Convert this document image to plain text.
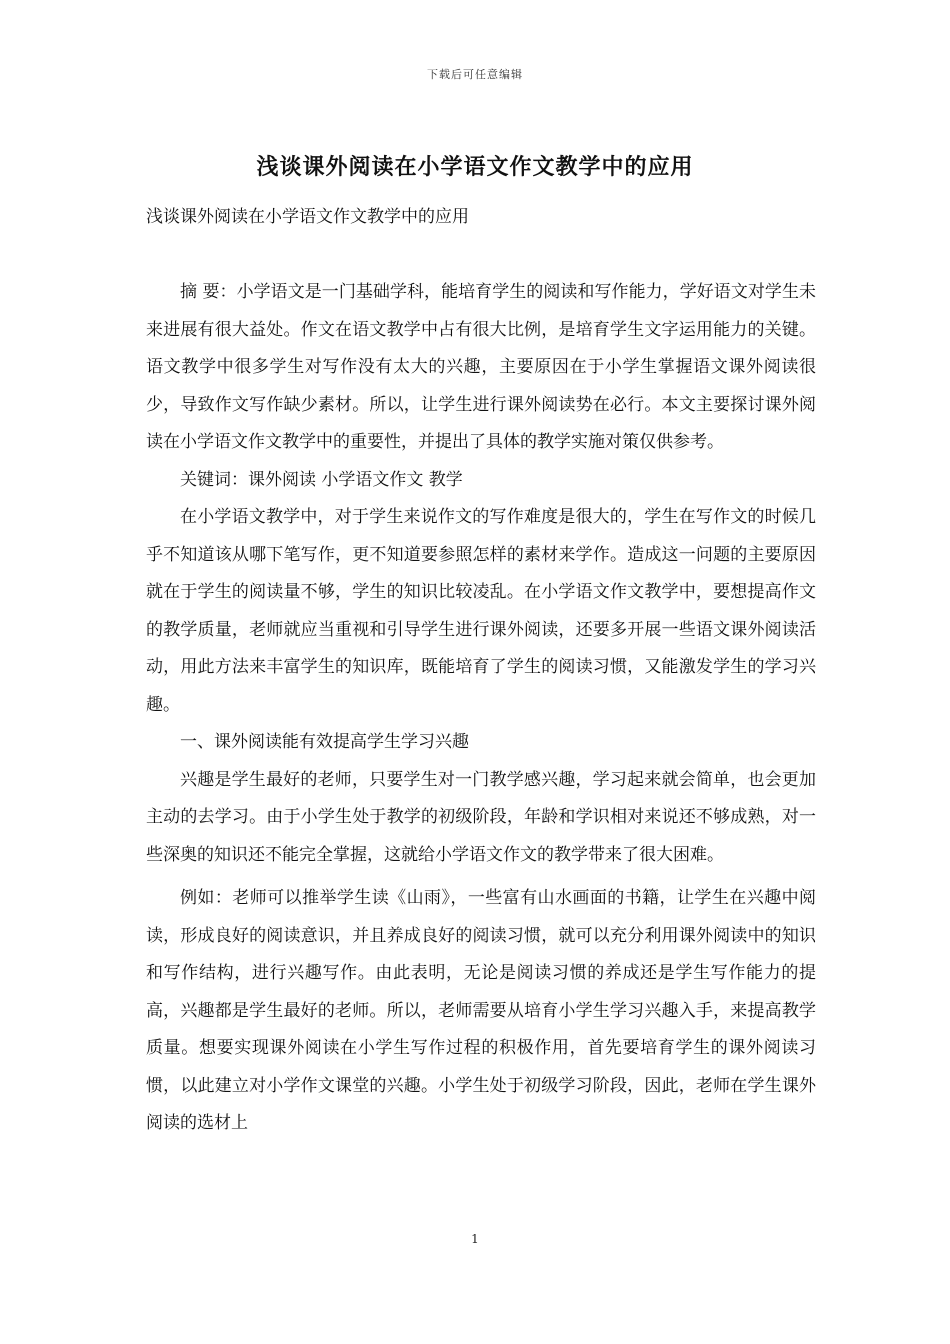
下载后可任意编辑
浅谈课外阅读在小学语文作文教学中的应用

浅谈课外阅读在小学语文作文教学中的应用

摘 要：小学语文是一门基础学科，能培育学生的阅读和写作能力，学好语文对学生未来进展有很大益处。作文在语文教学中占有很大比例，是培育学生文字运用能力的关键。语文教学中很多学生对写作没有太大的兴趣，主要原因在于小学生掌握语文课外阅读很少，导致作文写作缺少素材。所以，让学生进行课外阅读势在必行。本文主要探讨课外阅读在小学语文作文教学中的重要性，并提出了具体的教学实施对策仅供参考。

关键词：课外阅读 小学语文作文 教学

在小学语文教学中，对于学生来说作文的写作难度是很大的，学生在写作文的时候几乎不知道该从哪下笔写作，更不知道要参照怎样的素材来学作。造成这一问题的主要原因就在于学生的阅读量不够，学生的知识比较凌乱。在小学语文作文教学中，要想提高作文的教学质量，老师就应当重视和引导学生进行课外阅读，还要多开展一些语文课外阅读活动，用此方法来丰富学生的知识库，既能培育了学生的阅读习惯，又能激发学生的学习兴趣。

一、课外阅读能有效提高学生学习兴趣

兴趣是学生最好的老师，只要学生对一门教学感兴趣，学习起来就会简单，也会更加主动的去学习。由于小学生处于教学的初级阶段，年龄和学识相对来说还不够成熟，对一些深奥的知识还不能完全掌握，这就给小学语文作文的教学带来了很大困难。

例如：老师可以推举学生读《山雨》，一些富有山水画面的书籍，让学生在兴趣中阅读，形成良好的阅读意识，并且养成良好的阅读习惯，就可以充分利用课外阅读中的知识和写作结构，进行兴趣写作。由此表明，无论是阅读习惯的养成还是学生写作能力的提高，兴趣都是学生最好的老师。所以，老师需要从培育小学生学习兴趣入手，来提高教学质量。想要实现课外阅读在小学生写作过程的积极作用，首先要培育学生的课外阅读习惯，以此建立对小学作文课堂的兴趣。小学生处于初级学习阶段，因此，老师在学生课外阅读的选材上

1
